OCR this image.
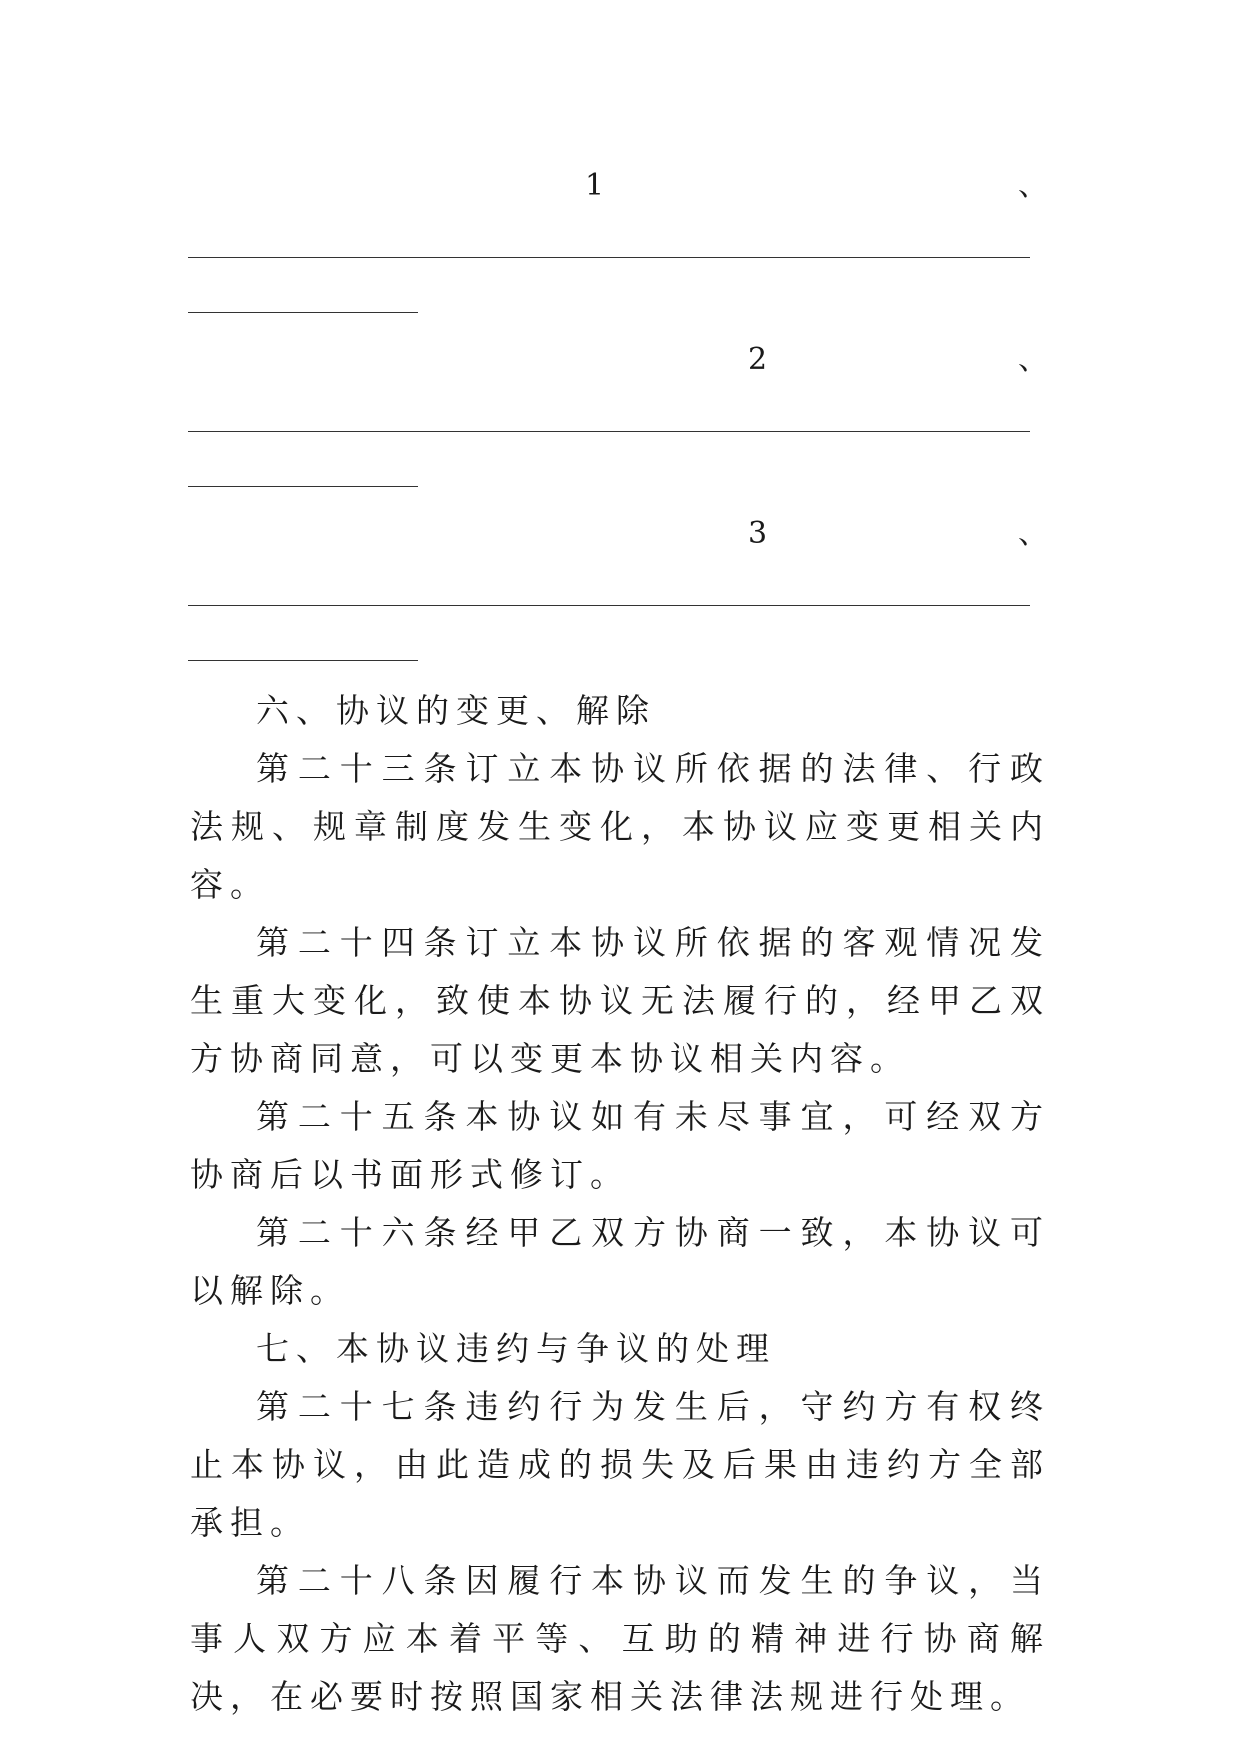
1	、
2	、
3	、

六、协议的变更、解除

第二十三条订立本协议所依据的法律、行政法规、规章制度发生变化，本协议应变更相关内容。

第二十四条订立本协议所依据的客观情况发生重大变化，致使本协议无法履行的，经甲乙双方协商同意，可以变更本协议相关内容。

第二十五条本协议如有未尽事宜，可经双方协商后以书面形式修订。

第二十六条经甲乙双方协商一致，本协议可以解除。

七、本协议违约与争议的处理

第二十七条违约行为发生后，守约方有权终止本协议，由此造成的损失及后果由违约方全部承担。

第二十八条因履行本协议而发生的争议，当事人双方应本着平等、互助的精神进行协商解决，在必要时按照国家相关法律法规进行处理。
